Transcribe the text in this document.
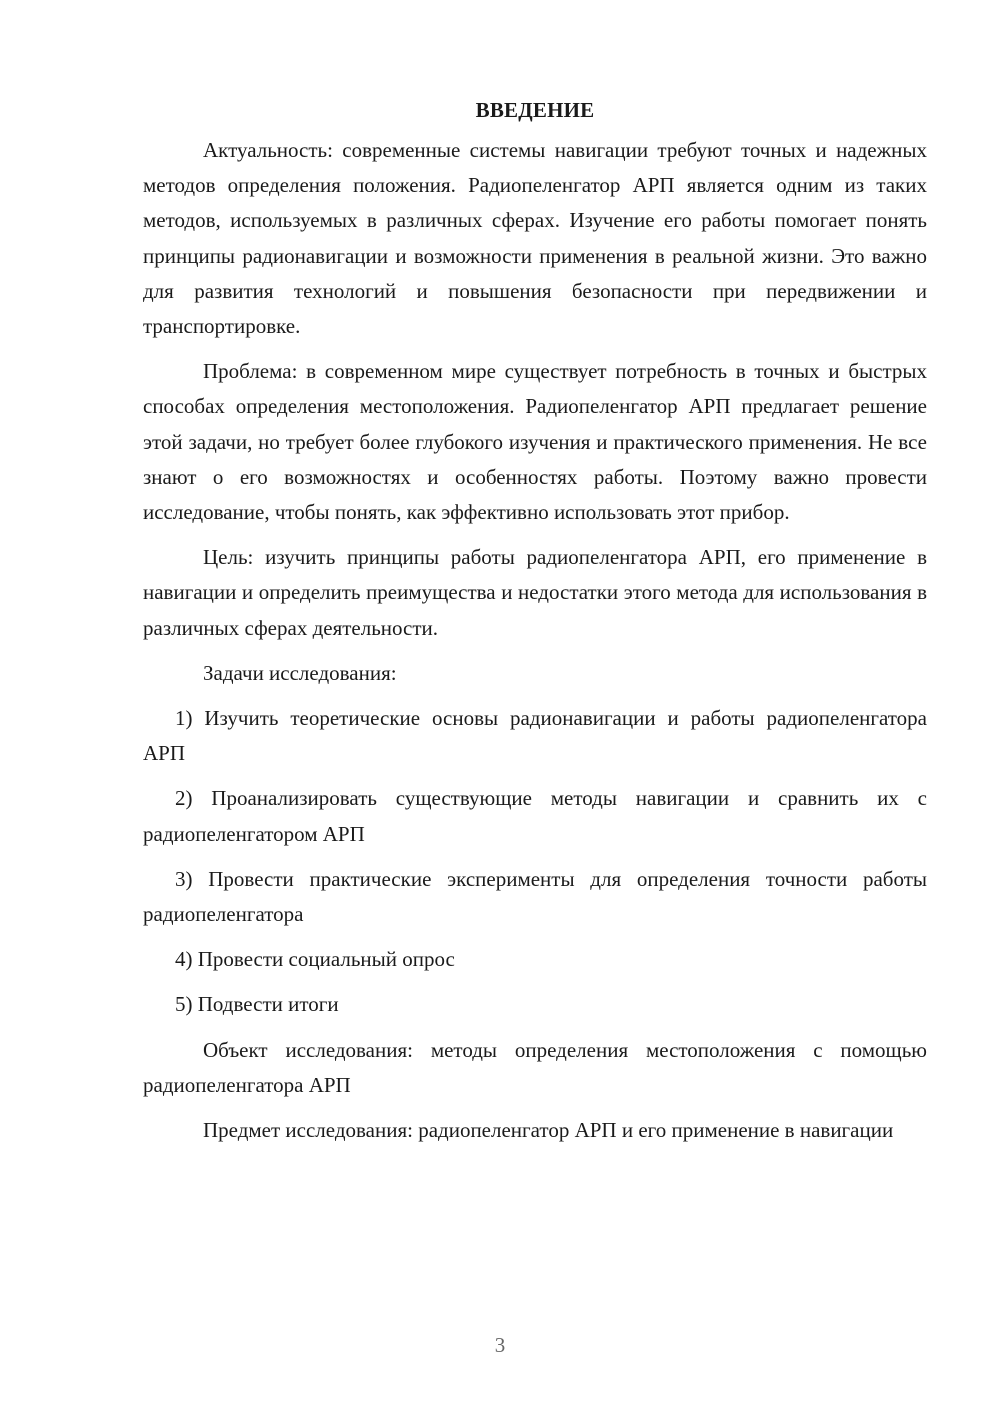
ВВЕДЕНИЕ

Актуальность: современные системы навигации требуют точных и надежных методов определения положения. Радиопеленгатор АРП является одним из таких методов, используемых в различных сферах. Изучение его работы помогает понять принципы радионавигации и возможности применения в реальной жизни. Это важно для развития технологий и повышения безопасности при передвижении и транспортировке.

Проблема: в современном мире существует потребность в точных и быстрых способах определения местоположения. Радиопеленгатор АРП предлагает решение этой задачи, но требует более глубокого изучения и практического применения. Не все знают о его возможностях и особенностях работы. Поэтому важно провести исследование, чтобы понять, как эффективно использовать этот прибор.

Цель: изучить принципы работы радиопеленгатора АРП, его применение в навигации и определить преимущества и недостатки этого метода для использования в различных сферах деятельности.

Задачи исследования:

1) Изучить теоретические основы радионавигации и работы радиопеленгатора АРП

2) Проанализировать существующие методы навигации и сравнить их с радиопеленгатором АРП

3) Провести практические эксперименты для определения точности работы радиопеленгатора

4) Провести социальный опрос

5) Подвести итоги

Объект исследования: методы определения местоположения с помощью радиопеленгатора АРП

Предмет исследования: радиопеленгатор АРП и его применение в навигации

3
